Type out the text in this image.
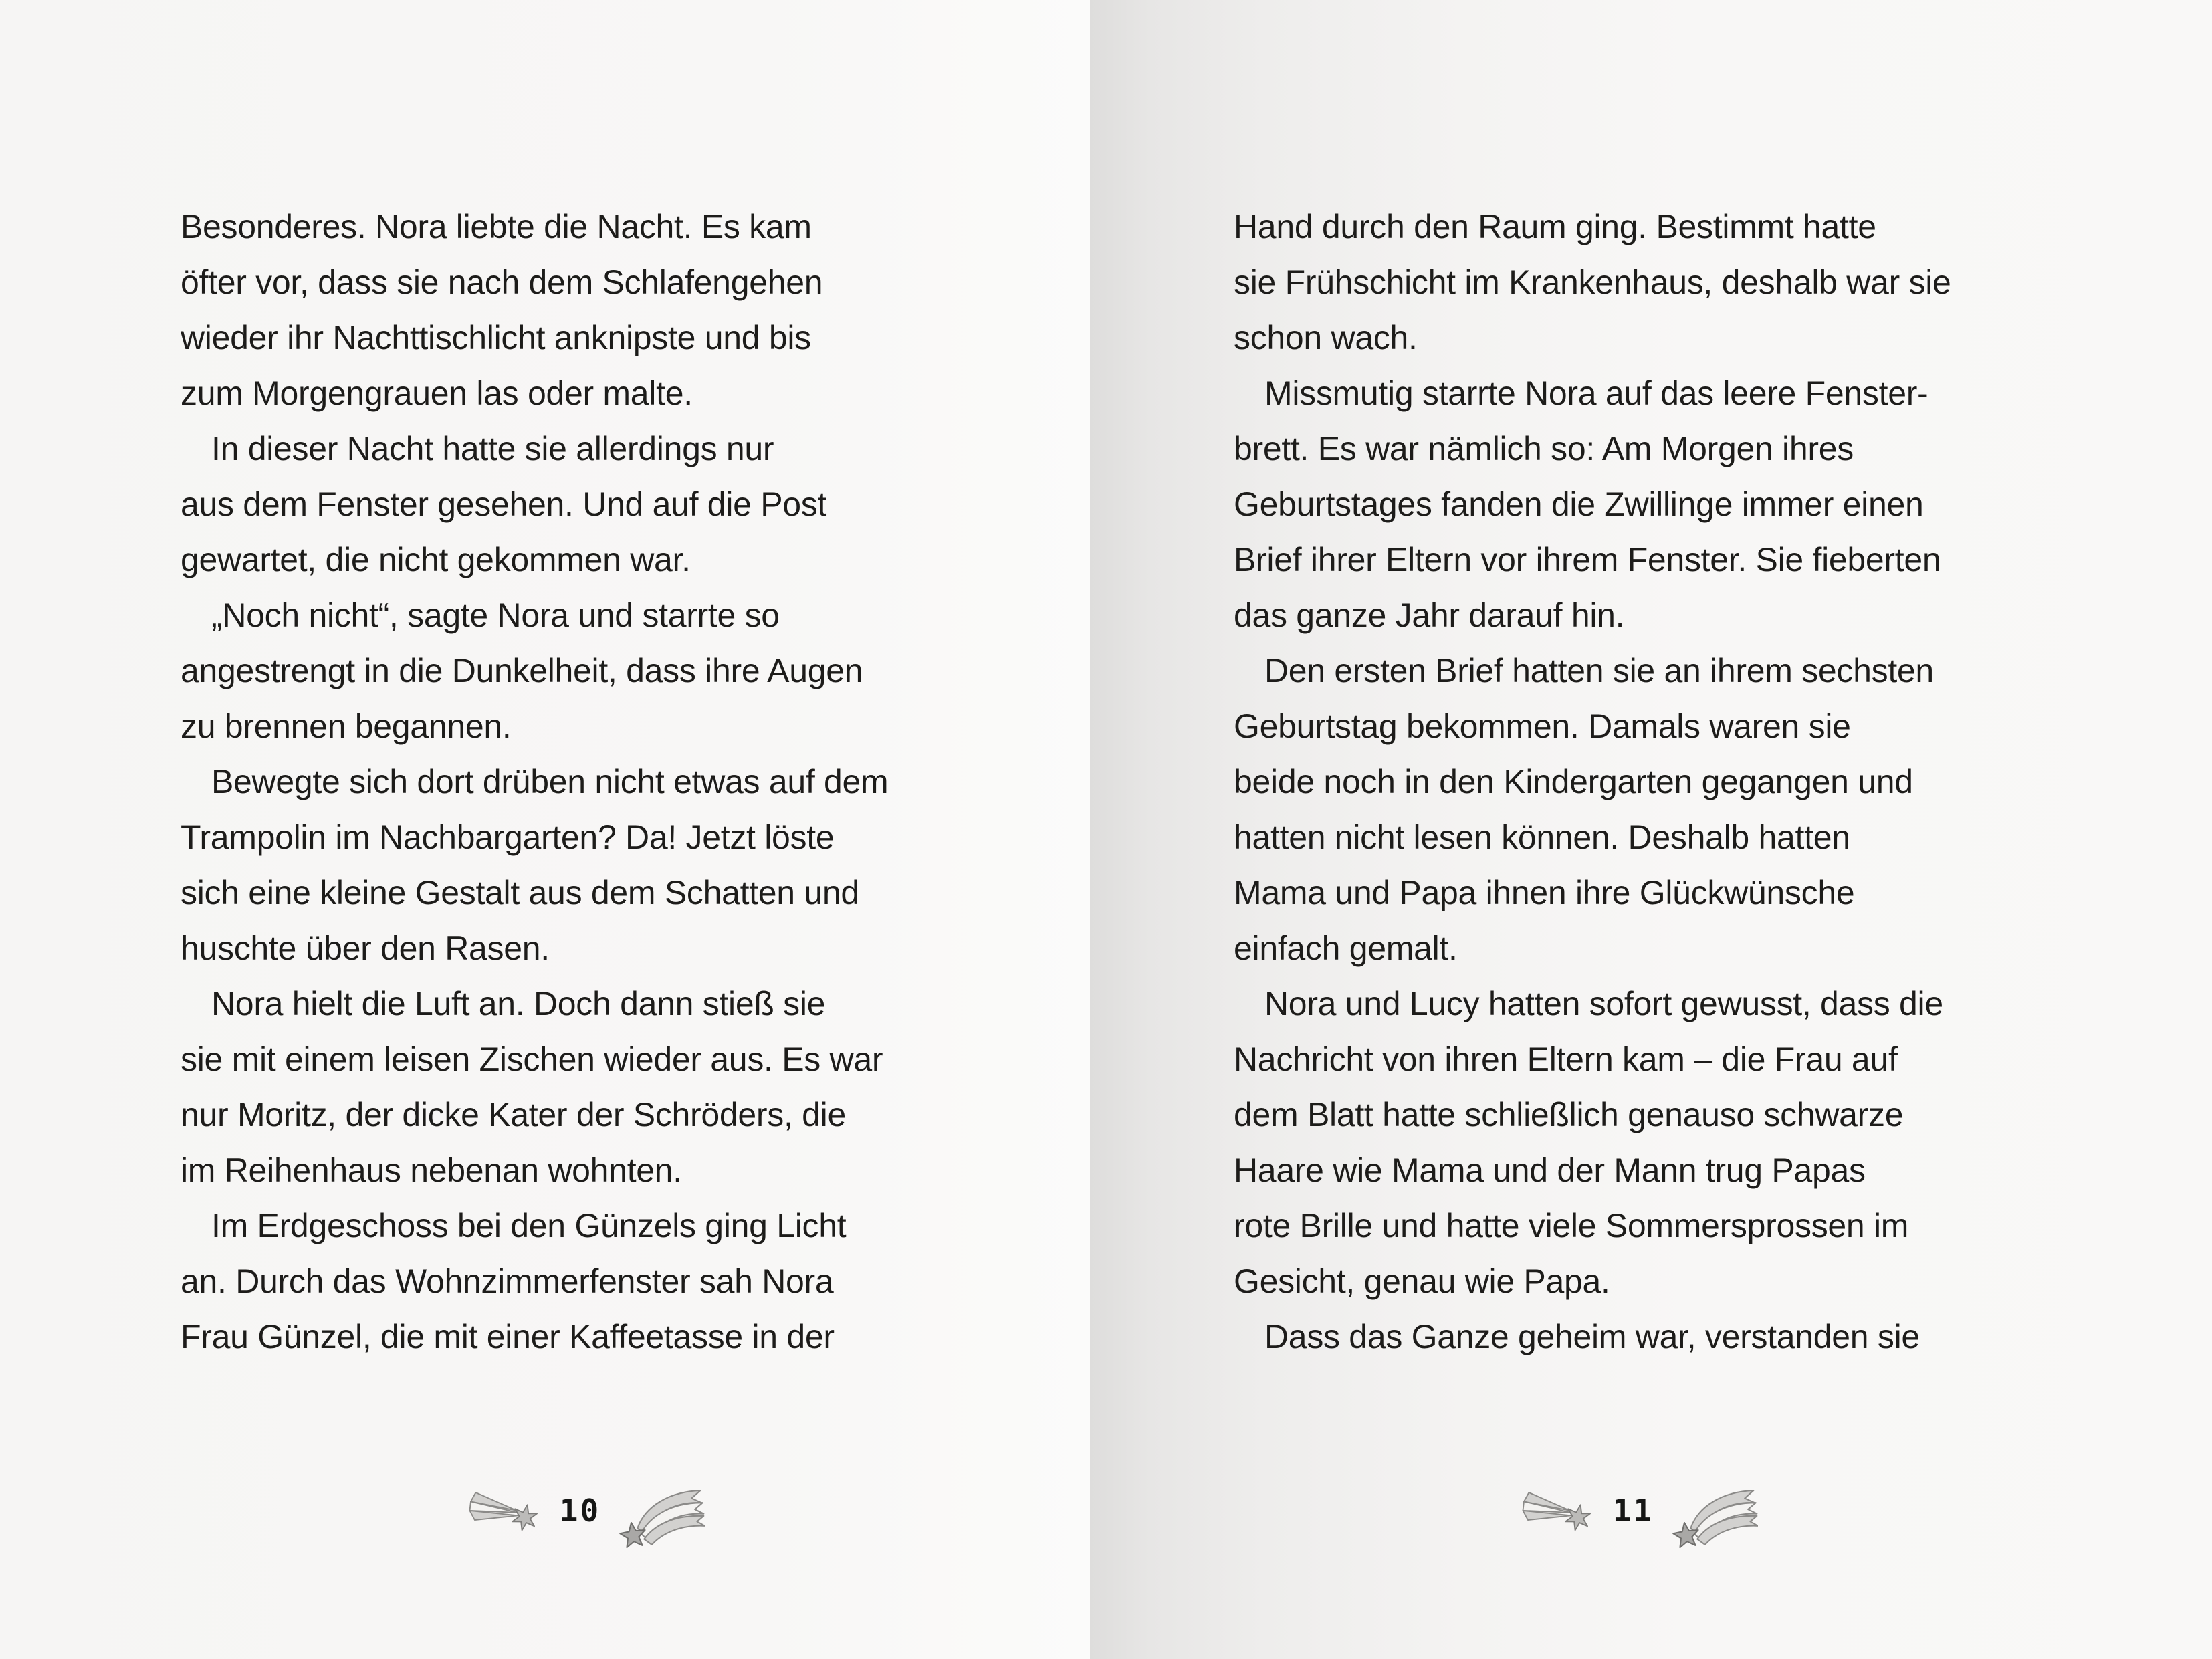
Besonderes. Nora liebte die Nacht. Es kam
öfter vor, dass sie nach dem Schlafengehen
wieder ihr Nachttischlicht anknipste und bis
zum Morgengrauen las oder malte.
In dieser Nacht hatte sie allerdings nur
aus dem Fenster gesehen. Und auf die Post
gewartet, die nicht gekommen war.
„Noch nicht“, sagte Nora und starrte so
angestrengt in die Dunkelheit, dass ihre Augen
zu brennen begannen.
Bewegte sich dort drüben nicht etwas auf dem
Trampolin im Nachbargarten? Da! Jetzt löste
sich eine kleine Gestalt aus dem Schatten und
huschte über den Rasen.
Nora hielt die Luft an. Doch dann stieß sie
sie mit einem leisen Zischen wieder aus. Es war
nur Moritz, der dicke Kater der Schröders, die
im Reihenhaus nebenan wohnten.
Im Erdgeschoss bei den Günzels ging Licht
an. Durch das Wohnzimmerfenster sah Nora
Frau Günzel, die mit einer Kaffeetasse in der
10
Hand durch den Raum ging. Bestimmt hatte
sie Frühschicht im Krankenhaus, deshalb war sie
schon wach.
Missmutig starrte Nora auf das leere Fenster-
brett. Es war nämlich so: Am Morgen ihres
Geburtstages fanden die Zwillinge immer einen
Brief ihrer Eltern vor ihrem Fenster. Sie fieberten
das ganze Jahr darauf hin.
Den ersten Brief hatten sie an ihrem sechsten
Geburtstag bekommen. Damals waren sie
beide noch in den Kindergarten gegangen und
hatten nicht lesen können. Deshalb hatten
Mama und Papa ihnen ihre Glückwünsche
einfach gemalt.
Nora und Lucy hatten sofort gewusst, dass die
Nachricht von ihren Eltern kam – die Frau auf
dem Blatt hatte schließlich genauso schwarze
Haare wie Mama und der Mann trug Papas
rote Brille und hatte viele Sommersprossen im
Gesicht, genau wie Papa.
Dass das Ganze geheim war, verstanden sie
11
